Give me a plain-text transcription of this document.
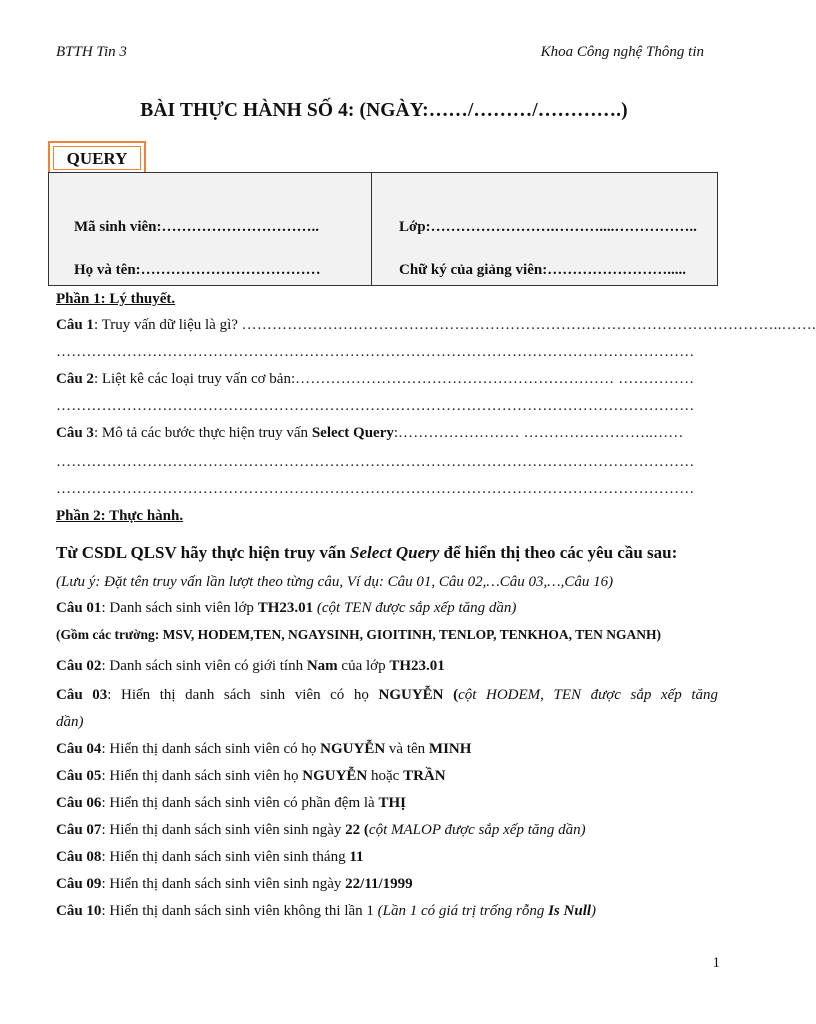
BTTH Tin 3	Khoa Công nghệ Thông tin
BÀI THỰC HÀNH SỐ 4: (NGÀY:……/………/………….)
QUERY
Mã sinh viên:…………………………..
Họ và tên:………………………………
Lớp:…………………….………....……………..
Chữ ký của giảng viên:…………………….....
Phần 1: Lý thuyết.
Câu 1: Truy vấn dữ liệu là gì? ……………………………………………………………………………………………..…….
………………………………………………………………………………………………………………
Câu 2: Liệt kê các loại truy vấn cơ bản:……………………………………………………… ……………
………………………………………………………………………………………………………………
Câu 3: Mô tả các bước thực hiện truy vấn Select Query:…………………… ……………………..……
………………………………………………………………………………………………………………
………………………………………………………………………………………………………………
Phần 2: Thực hành.
Từ CSDL QLSV hãy thực hiện truy vấn Select Query để hiển thị theo các yêu cầu sau:
(Lưu ý: Đặt tên truy vấn lần lượt theo từng câu, Ví dụ: Câu 01, Câu 02,…Câu 03,…,Câu 16)
Câu 01: Danh sách sinh viên lớp TH23.01 (cột TEN được sắp xếp tăng dần)
(Gồm các trường: MSV, HODEM,TEN, NGAYSINH, GIOITINH, TENLOP, TENKHOA, TEN NGANH)
Câu 02: Danh sách sinh viên có giới tính Nam của lớp TH23.01
Câu 03: Hiển thị danh sách sinh viên có họ NGUYỄN (cột HODEM, TEN được sắp xếp tăng
dần)
Câu 04: Hiển thị danh sách sinh viên có họ NGUYỄN và tên MINH
Câu 05: Hiển thị danh sách sinh viên họ NGUYỄN hoặc TRẦN
Câu 06: Hiển thị danh sách sinh viên có phần đệm là THỊ
Câu 07: Hiển thị danh sách sinh viên sinh ngày 22 (cột MALOP được sắp xếp tăng dần)
Câu 08: Hiển thị danh sách sinh viên sinh tháng 11
Câu 09: Hiển thị danh sách sinh viên sinh ngày 22/11/1999
Câu 10: Hiển thị danh sách sinh viên không thi lần 1 (Lần 1 có giá trị trống rỗng Is Null)
1
